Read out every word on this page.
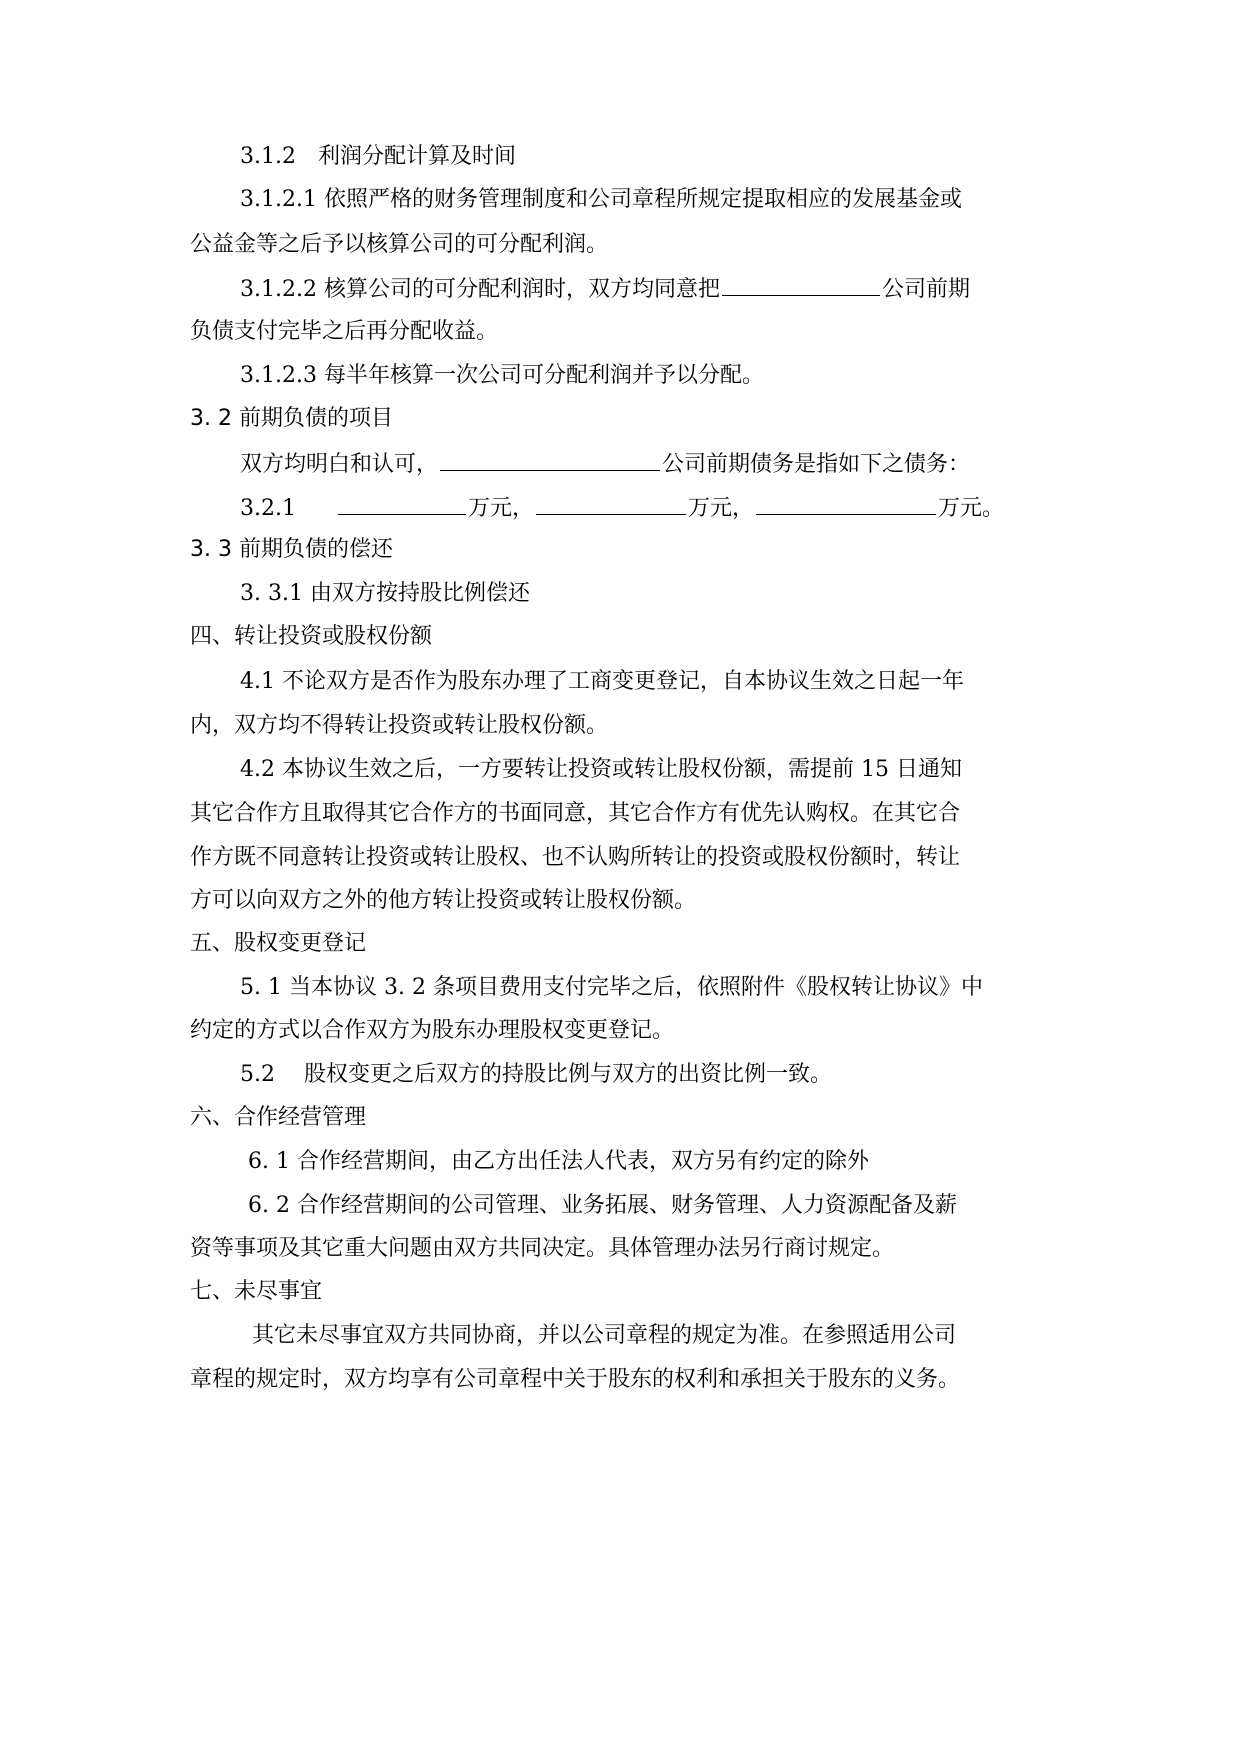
3.1.2　利润分配计算及时间
3.1.2.1 依照严格的财务管理制度和公司章程所规定提取相应的发展基金或
公益金等之后予以核算公司的可分配利润。
3.1.2.2 核算公司的可分配利润时，双方均同意把	公司前期
负债支付完毕之后再分配收益。
3.1.2.3 每半年核算一次公司可分配利润并予以分配。
3. 2 前期负债的项目
双方均明白和认可，	公司前期债务是指如下之债务：
3.2.1	万元，	万元，	万元。
3. 3 前期负债的偿还
3. 3.1 由双方按持股比例偿还
四、转让投资或股权份额
4.1 不论双方是否作为股东办理了工商变更登记，自本协议生效之日起一年
内，双方均不得转让投资或转让股权份额。
4.2 本协议生效之后，一方要转让投资或转让股权份额，需提前 15 日通知
其它合作方且取得其它合作方的书面同意，其它合作方有优先认购权。在其它合
作方既不同意转让投资或转让股权、也不认购所转让的投资或股权份额时，转让
方可以向双方之外的他方转让投资或转让股权份额。
五、股权变更登记
5. 1 当本协议 3. 2 条项目费用支付完毕之后，依照附件《股权转让协议》中
约定的方式以合作双方为股东办理股权变更登记。
5.2　 股权变更之后双方的持股比例与双方的出资比例一致。
六、合作经营管理
6. 1 合作经营期间，由乙方出任法人代表，双方另有约定的除外
6. 2 合作经营期间的公司管理、业务拓展、财务管理、人力资源配备及薪
资等事项及其它重大问题由双方共同决定。具体管理办法另行商讨规定。
七、未尽事宜
其它未尽事宜双方共同协商，并以公司章程的规定为准。在参照适用公司
章程的规定时，双方均享有公司章程中关于股东的权利和承担关于股东的义务。
